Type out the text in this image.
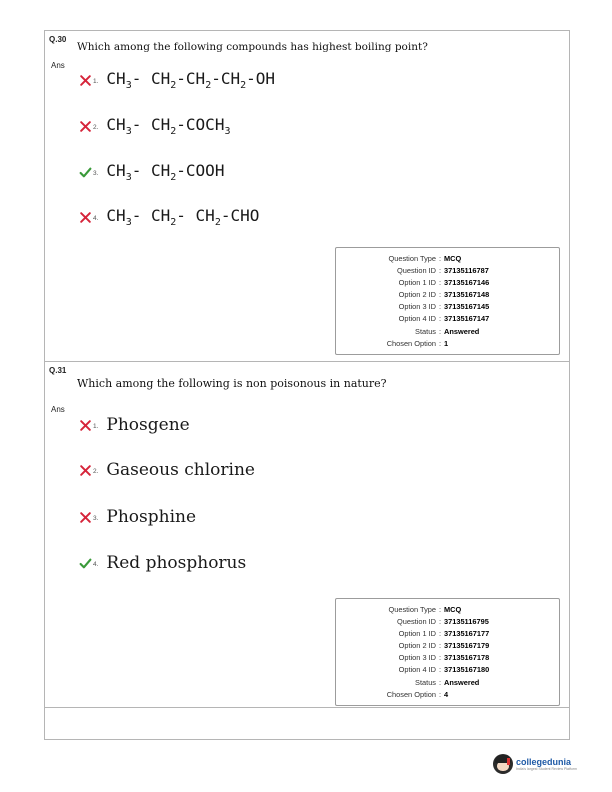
Q.30
Which among the following compounds has highest boiling point?
Ans
1. $CH_3-$ $CH_2-CH_2-CH_2-OH$
2. $CH_3-$ $CH_2-COCH_3$
3. $CH_3-$ $CH_2$-COOH
4. $CH_3-$ $CH_2-$ $CH_2$-CHO
Question Type : MCQ
Question ID : 37135116787
Option 1 ID : 37135167146
Option 2 ID : 37135167148
Option 3 ID : 37135167145
Option 4 ID : 37135167147
Status : Answered
Chosen Option : 1
Q.31
Which among the following is non poisonous in nature?
Ans
1. Phosgene
2. Gaseous chlorine
3. Phosphine
4. Red phosphorus
Question Type : MCQ
Question ID : 37135116795
Option 1 ID : 37135167177
Option 2 ID : 37135167179
Option 3 ID : 37135167178
Option 4 ID : 37135167180
Status : Answered
Chosen Option : 4
collegedunia
India's largest Student Review Platform
